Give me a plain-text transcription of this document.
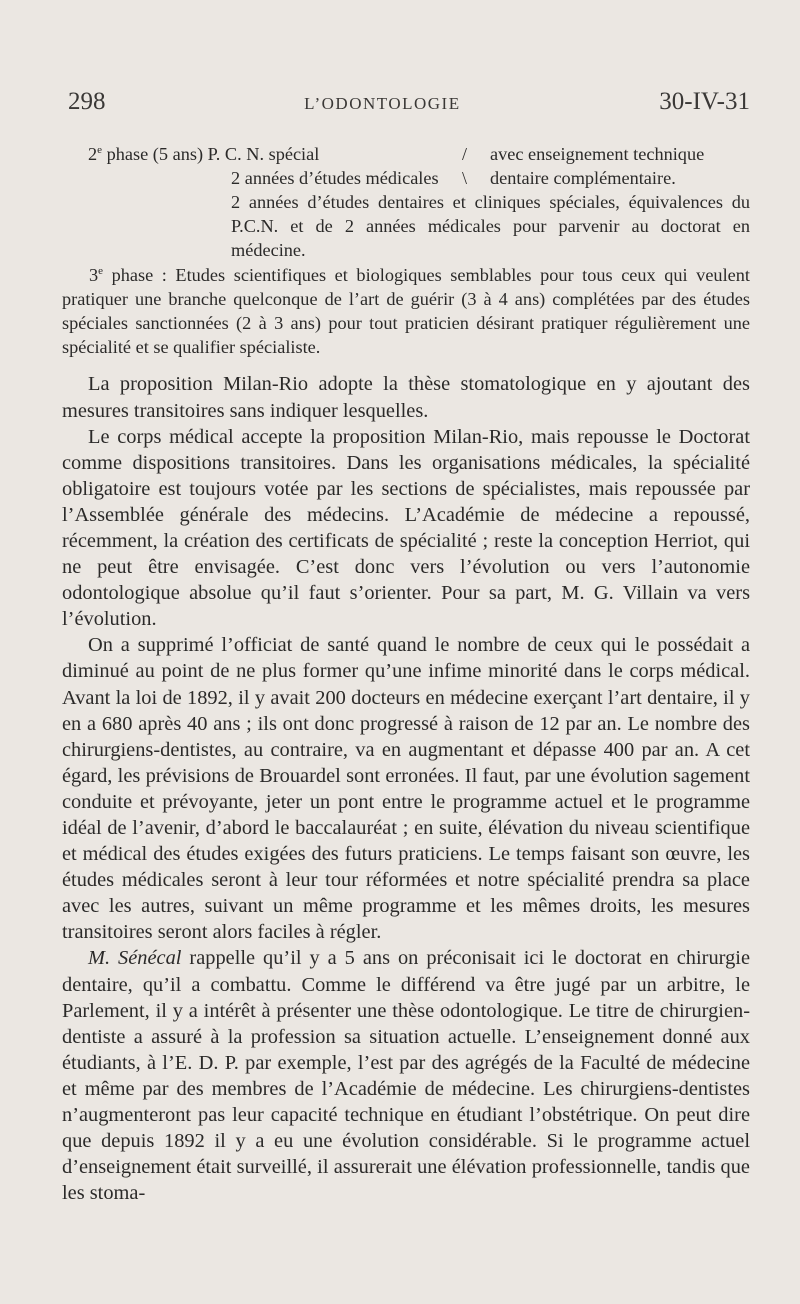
298	L’ODONTOLOGIE	30-IV-31
2e phase (5 ans) P. C. N. spécial	/ avec enseignement technique
2 années d’études médicales \ dentaire complémentaire.
2 années d’études dentaires et cliniques spéciales, équivalences du P.C.N. et de 2 années médicales pour parvenir au doctorat en médecine.
3e phase : Etudes scientifiques et biologiques semblables pour tous ceux qui veulent pratiquer une branche quelconque de l’art de guérir (3 à 4 ans) complétées par des études spéciales sanctionnées (2 à 3 ans) pour tout praticien désirant pratiquer régulièrement une spécialité et se qualifier spécialiste.

La proposition Milan-Rio adopte la thèse stomatologique en y ajoutant des mesures transitoires sans indiquer lesquelles.

Le corps médical accepte la proposition Milan-Rio, mais repousse le Doctorat comme dispositions transitoires. Dans les organisations médicales, la spécialité obligatoire est toujours votée par les sections de spécialistes, mais repoussée par l’Assemblée générale des médecins. L’Académie de médecine a repoussé, récemment, la création des certificats de spécialité ; reste la conception Herriot, qui ne peut être envisagée. C’est donc vers l’évolution ou vers l’autonomie odontologique absolue qu’il faut s’orienter. Pour sa part, M. G. Villain va vers l’évolution.

On a supprimé l’officiat de santé quand le nombre de ceux qui le possédait a diminué au point de ne plus former qu’une infime minorité dans le corps médical. Avant la loi de 1892, il y avait 200 docteurs en médecine exerçant l’art dentaire, il y en a 680 après 40 ans ; ils ont donc progressé à raison de 12 par an. Le nombre des chirurgiens-dentistes, au contraire, va en augmentant et dépasse 400 par an. A cet égard, les prévisions de Brouardel sont erronées. Il faut, par une évolution sagement conduite et prévoyante, jeter un pont entre le programme actuel et le programme idéal de l’avenir, d’abord le baccalauréat ; en suite, élévation du niveau scientifique et médical des études exigées des futurs praticiens. Le temps faisant son œuvre, les études médicales seront à leur tour réformées et notre spécialité prendra sa place avec les autres, suivant un même programme et les mêmes droits, les mesures transitoires seront alors faciles à régler.

M. Sénécal rappelle qu’il y a 5 ans on préconisait ici le doctorat en chirurgie dentaire, qu’il a combattu. Comme le différend va être jugé par un arbitre, le Parlement, il y a intérêt à présenter une thèse odontologique. Le titre de chirurgien-dentiste a assuré à la profession sa situation actuelle. L’enseignement donné aux étudiants, à l’E. D. P. par exemple, l’est par des agrégés de la Faculté de médecine et même par des membres de l’Académie de médecine. Les chirurgiens-dentistes n’augmenteront pas leur capacité technique en étudiant l’obstétrique. On peut dire que depuis 1892 il y a eu une évolution considérable. Si le programme actuel d’enseignement était surveillé, il assurerait une élévation professionnelle, tandis que les stoma-
